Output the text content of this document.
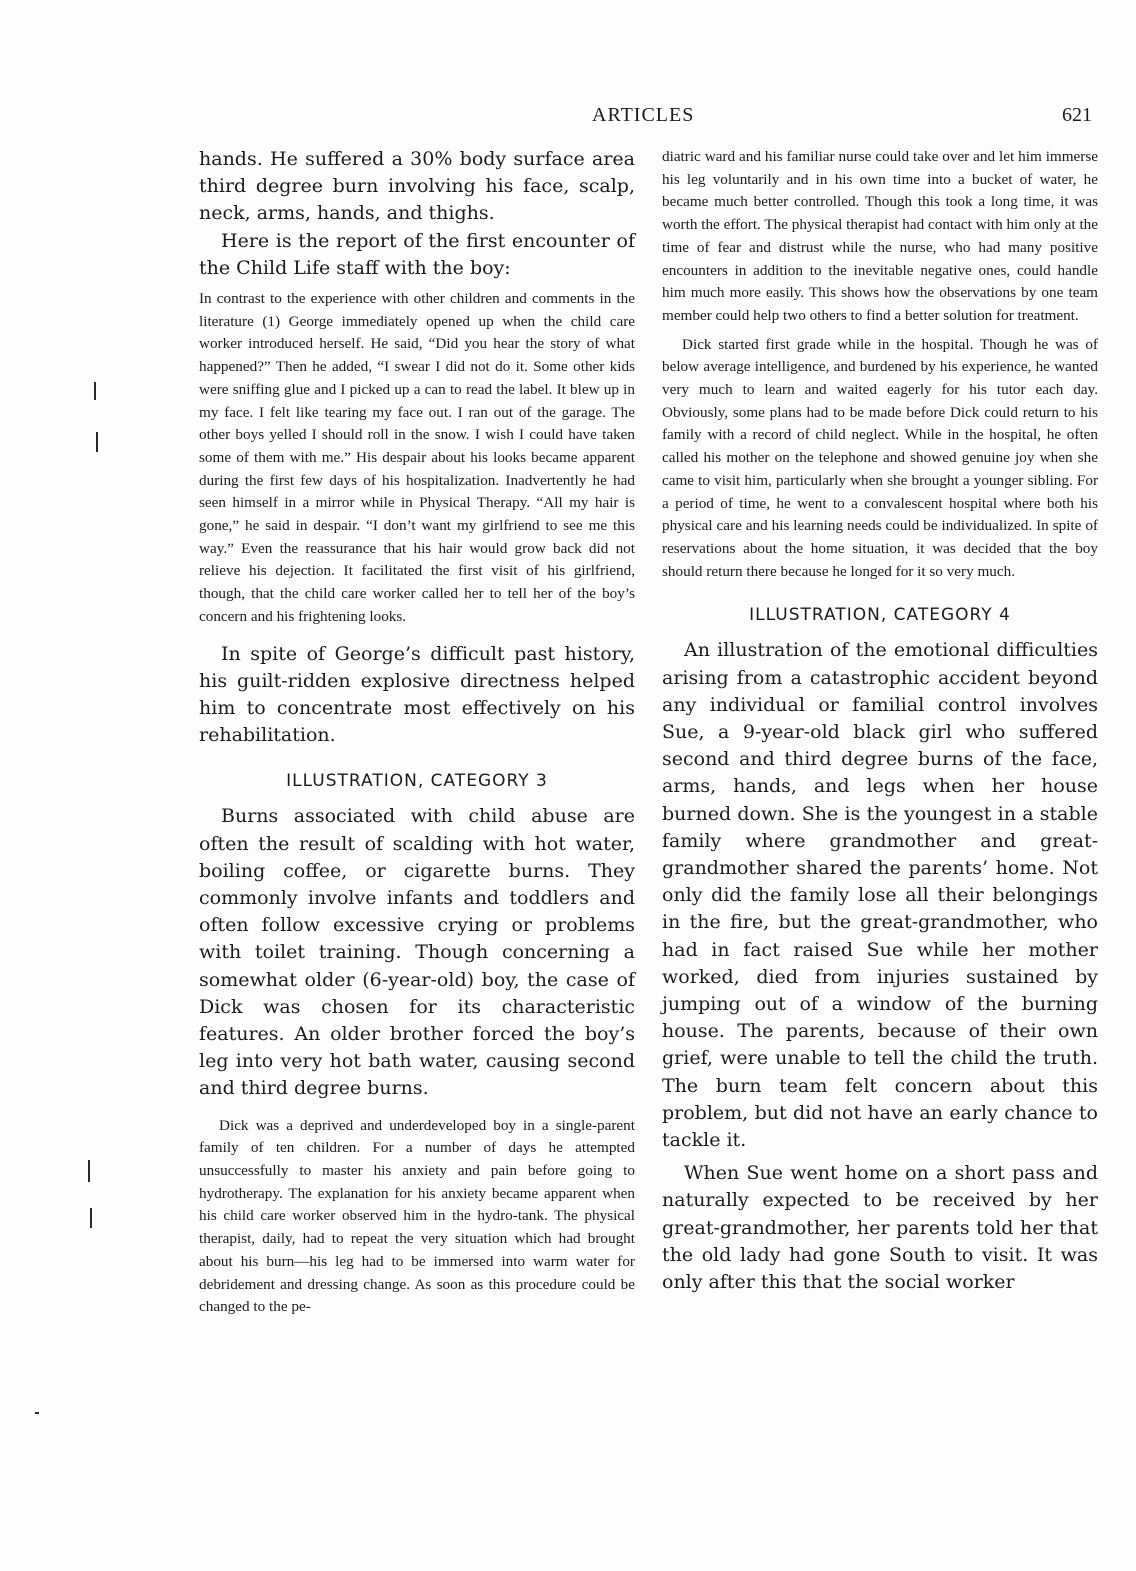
ARTICLES	621

hands. He suffered a 30% body surface area third degree burn involving his face, scalp, neck, arms, hands, and thighs.

Here is the report of the first encounter of the Child Life staff with the boy:

In contrast to the experience with other children and comments in the literature (1) George immediately opened up when the child care worker introduced herself. He said, “Did you hear the story of what happened?” Then he added, “I swear I did not do it. Some other kids were sniffing glue and I picked up a can to read the label. It blew up in my face. I felt like tearing my face out. I ran out of the garage. The other boys yelled I should roll in the snow. I wish I could have taken some of them with me.” His despair about his looks became apparent during the first few days of his hospitalization. Inadvertently he had seen himself in a mirror while in Physical Therapy. “All my hair is gone,” he said in despair. “I don’t want my girlfriend to see me this way.” Even the reassurance that his hair would grow back did not relieve his dejection. It facilitated the first visit of his girlfriend, though, that the child care worker called her to tell her of the boy’s concern and his frightening looks.

In spite of George’s difficult past history, his guilt-ridden explosive directness helped him to concentrate most effectively on his rehabilitation.

ILLUSTRATION, CATEGORY 3

Burns associated with child abuse are often the result of scalding with hot water, boiling coffee, or cigarette burns. They commonly involve infants and toddlers and often follow excessive crying or problems with toilet training. Though concerning a somewhat older (6-year-old) boy, the case of Dick was chosen for its characteristic features. An older brother forced the boy’s leg into very hot bath water, causing second and third degree burns.

Dick was a deprived and underdeveloped boy in a single-parent family of ten children. For a number of days he attempted unsuccessfully to master his anxiety and pain before going to hydrotherapy. The explanation for his anxiety became apparent when his child care worker observed him in the hydro-tank. The physical therapist, daily, had to repeat the very situation which had brought about his burn—his leg had to be immersed into warm water for debridement and dressing change. As soon as this procedure could be changed to the pe-

diatric ward and his familiar nurse could take over and let him immerse his leg voluntarily and in his own time into a bucket of water, he became much better controlled. Though this took a long time, it was worth the effort. The physical therapist had contact with him only at the time of fear and distrust while the nurse, who had many positive encounters in addition to the inevitable negative ones, could handle him much more easily. This shows how the observations by one team member could help two others to find a better solution for treatment.

Dick started first grade while in the hospital. Though he was of below average intelligence, and burdened by his experience, he wanted very much to learn and waited eagerly for his tutor each day. Obviously, some plans had to be made before Dick could return to his family with a record of child neglect. While in the hospital, he often called his mother on the telephone and showed genuine joy when she came to visit him, particularly when she brought a younger sibling. For a period of time, he went to a convalescent hospital where both his physical care and his learning needs could be individualized. In spite of reservations about the home situation, it was decided that the boy should return there because he longed for it so very much.

ILLUSTRATION, CATEGORY 4

An illustration of the emotional difficulties arising from a catastrophic accident beyond any individual or familial control involves Sue, a 9-year-old black girl who suffered second and third degree burns of the face, arms, hands, and legs when her house burned down. She is the youngest in a stable family where grandmother and great-grandmother shared the parents’ home. Not only did the family lose all their belongings in the fire, but the great-grandmother, who had in fact raised Sue while her mother worked, died from injuries sustained by jumping out of a window of the burning house. The parents, because of their own grief, were unable to tell the child the truth. The burn team felt concern about this problem, but did not have an early chance to tackle it.

When Sue went home on a short pass and naturally expected to be received by her great-grandmother, her parents told her that the old lady had gone South to visit. It was only after this that the social worker
